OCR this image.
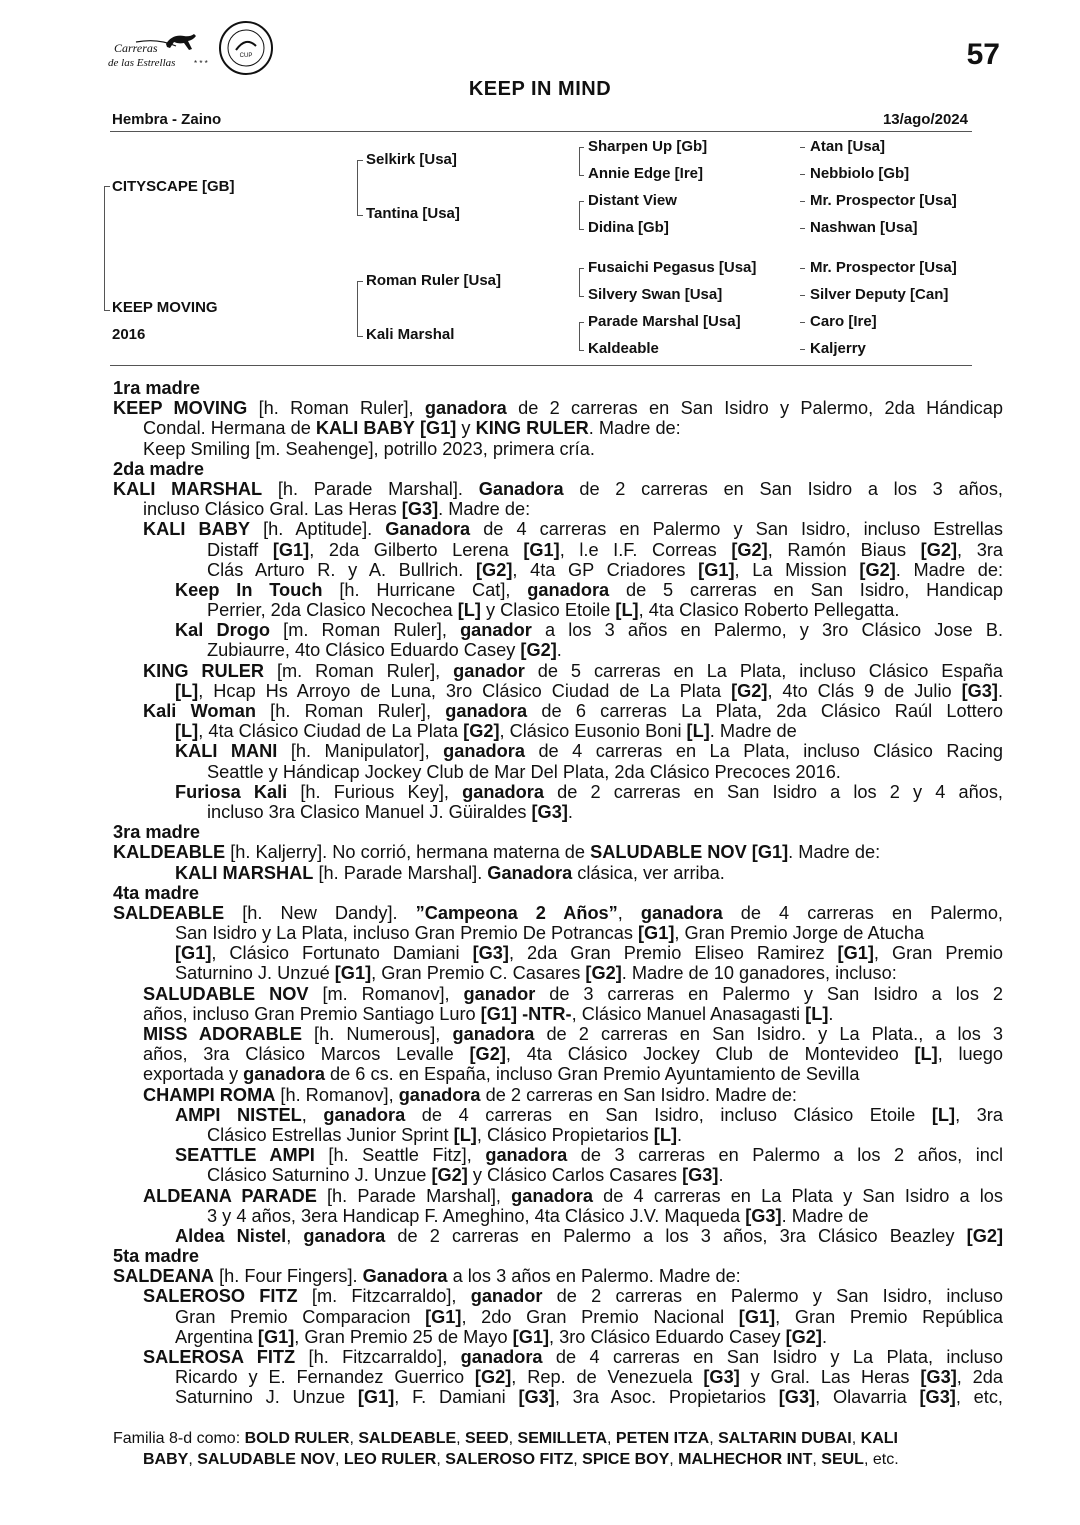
Carreras
de las Estrellas * * *
CUP	57
KEEP IN MIND
Hembra - Zaino	13/ago/2024
CITYSCAPE [GB]
KEEP MOVING
2016
Selkirk [Usa]
Tantina [Usa]
Roman Ruler [Usa]
Kali Marshal
Sharpen Up [Gb]
Annie Edge [Ire]
Distant View
Didina [Gb]
Fusaichi Pegasus [Usa]
Silvery Swan [Usa]
Parade Marshal [Usa]
Kaldeable
Atan [Usa]
Nebbiolo [Gb]
Mr. Prospector [Usa]
Nashwan [Usa]
Mr. Prospector [Usa]
Silver Deputy [Can]
Caro [Ire]
Kaljerry
1ra madre
KEEP MOVING [h. Roman Ruler], ganadora de 2 carreras en San Isidro y Palermo, 2da Hándicap
Condal. Hermana de KALI BABY [G1] y KING RULER. Madre de:
Keep Smiling [m. Seahenge], potrillo 2023, primera cría.
2da madre
KALI MARSHAL [h. Parade Marshal]. Ganadora de 2 carreras en San Isidro a los 3 años,
incluso Clásico Gral. Las Heras [G3]. Madre de:
KALI BABY [h. Aptitude]. Ganadora de 4 carreras en Palermo y San Isidro, incluso Estrellas
Distaff [G1], 2da Gilberto Lerena [G1], l.e I.F. Correas [G2], Ramón Biaus [G2], 3ra
Clás Arturo R. y A. Bullrich. [G2], 4ta GP Criadores [G1], La Mission [G2]. Madre de:
Keep In Touch [h. Hurricane Cat], ganadora de 5 carreras en San Isidro, Handicap
Perrier, 2da Clasico Necochea [L] y Clasico Etoile [L], 4ta Clasico Roberto Pellegatta.
Kal Drogo [m. Roman Ruler], ganador a los 3 años en Palermo, y 3ro Clásico Jose B.
Zubiaurre, 4to Clásico Eduardo Casey [G2].
KING RULER [m. Roman Ruler], ganador de 5 carreras en La Plata, incluso Clásico España
[L], Hcap Hs Arroyo de Luna, 3ro Clásico Ciudad de La Plata [G2], 4to Clás 9 de Julio [G3].
Kali Woman [h. Roman Ruler], ganadora de 6 carreras La Plata, 2da Clásico Raúl Lottero
[L], 4ta Clásico Ciudad de La Plata [G2], Clásico Eusonio Boni [L]. Madre de
KALI MANI [h. Manipulator], ganadora de 4 carreras en La Plata, incluso Clásico Racing
Seattle y Hándicap Jockey Club de Mar Del Plata, 2da Clásico Precoces 2016.
Furiosa Kali [h. Furious Key], ganadora de 2 carreras en San Isidro a los 2 y 4 años,
incluso 3ra Clasico Manuel J. Güiraldes [G3].
3ra madre
KALDEABLE [h. Kaljerry]. No corrió, hermana materna de SALUDABLE NOV [G1]. Madre de:
KALI MARSHAL [h. Parade Marshal]. Ganadora clásica, ver arriba.
4ta madre
SALDEABLE [h. New Dandy]. ”Campeona 2 Años”, ganadora de 4 carreras en Palermo,
San Isidro y La Plata, incluso Gran Premio De Potrancas [G1], Gran Premio Jorge de Atucha
[G1], Clásico Fortunato Damiani [G3], 2da Gran Premio Eliseo Ramirez [G1], Gran Premio
Saturnino J. Unzué [G1], Gran Premio C. Casares [G2]. Madre de 10 ganadores, incluso:
SALUDABLE NOV [m. Romanov], ganador de 3 carreras en Palermo y San Isidro a los 2
años, incluso Gran Premio Santiago Luro [G1] -NTR-, Clásico Manuel Anasagasti [L].
MISS ADORABLE [h. Numerous], ganadora de 2 carreras en San Isidro. y La Plata., a los 3
años, 3ra Clásico Marcos Levalle [G2], 4ta Clásico Jockey Club de Montevideo [L], luego
exportada y ganadora de 6 cs. en España, incluso Gran Premio Ayuntamiento de Sevilla
CHAMPI ROMA [h. Romanov], ganadora de 2 carreras en San Isidro. Madre de:
AMPI NISTEL, ganadora de 4 carreras en San Isidro, incluso Clásico Etoile [L], 3ra
Clásico Estrellas Junior Sprint [L], Clásico Propietarios [L].
SEATTLE AMPI [h. Seattle Fitz], ganadora de 3 carreras en Palermo a los 2 años, incl
Clásico Saturnino J. Unzue [G2] y Clásico Carlos Casares [G3].
ALDEANA PARADE [h. Parade Marshal], ganadora de 4 carreras en La Plata y San Isidro a los
3 y 4 años, 3era Handicap F. Ameghino, 4ta Clásico J.V. Maqueda [G3]. Madre de
Aldea Nistel, ganadora de 2 carreras en Palermo a los 3 años, 3ra Clásico Beazley [G2]
5ta madre
SALDEANA [h. Four Fingers]. Ganadora a los 3 años en Palermo. Madre de:
SALEROSO FITZ [m. Fitzcarraldo], ganador de 2 carreras en Palermo y San Isidro, incluso
Gran Premio Comparacion [G1], 2do Gran Premio Nacional [G1], Gran Premio República
Argentina [G1], Gran Premio 25 de Mayo [G1], 3ro Clásico Eduardo Casey [G2].
SALEROSA FITZ [h. Fitzcarraldo], ganadora de 4 carreras en San Isidro y La Plata, incluso
Ricardo y E. Fernandez Guerrico [G2], Rep. de Venezuela [G3] y Gral. Las Heras [G3], 2da
Saturnino J. Unzue [G1], F. Damiani [G3], 3ra Asoc. Propietarios [G3], Olavarria [G3], etc,
Familia 8-d como: BOLD RULER, SALDEABLE, SEED, SEMILLETA, PETEN ITZA, SALTARIN DUBAI, KALI
BABY, SALUDABLE NOV, LEO RULER, SALEROSO FITZ, SPICE BOY, MALHECHOR INT, SEUL, etc.
